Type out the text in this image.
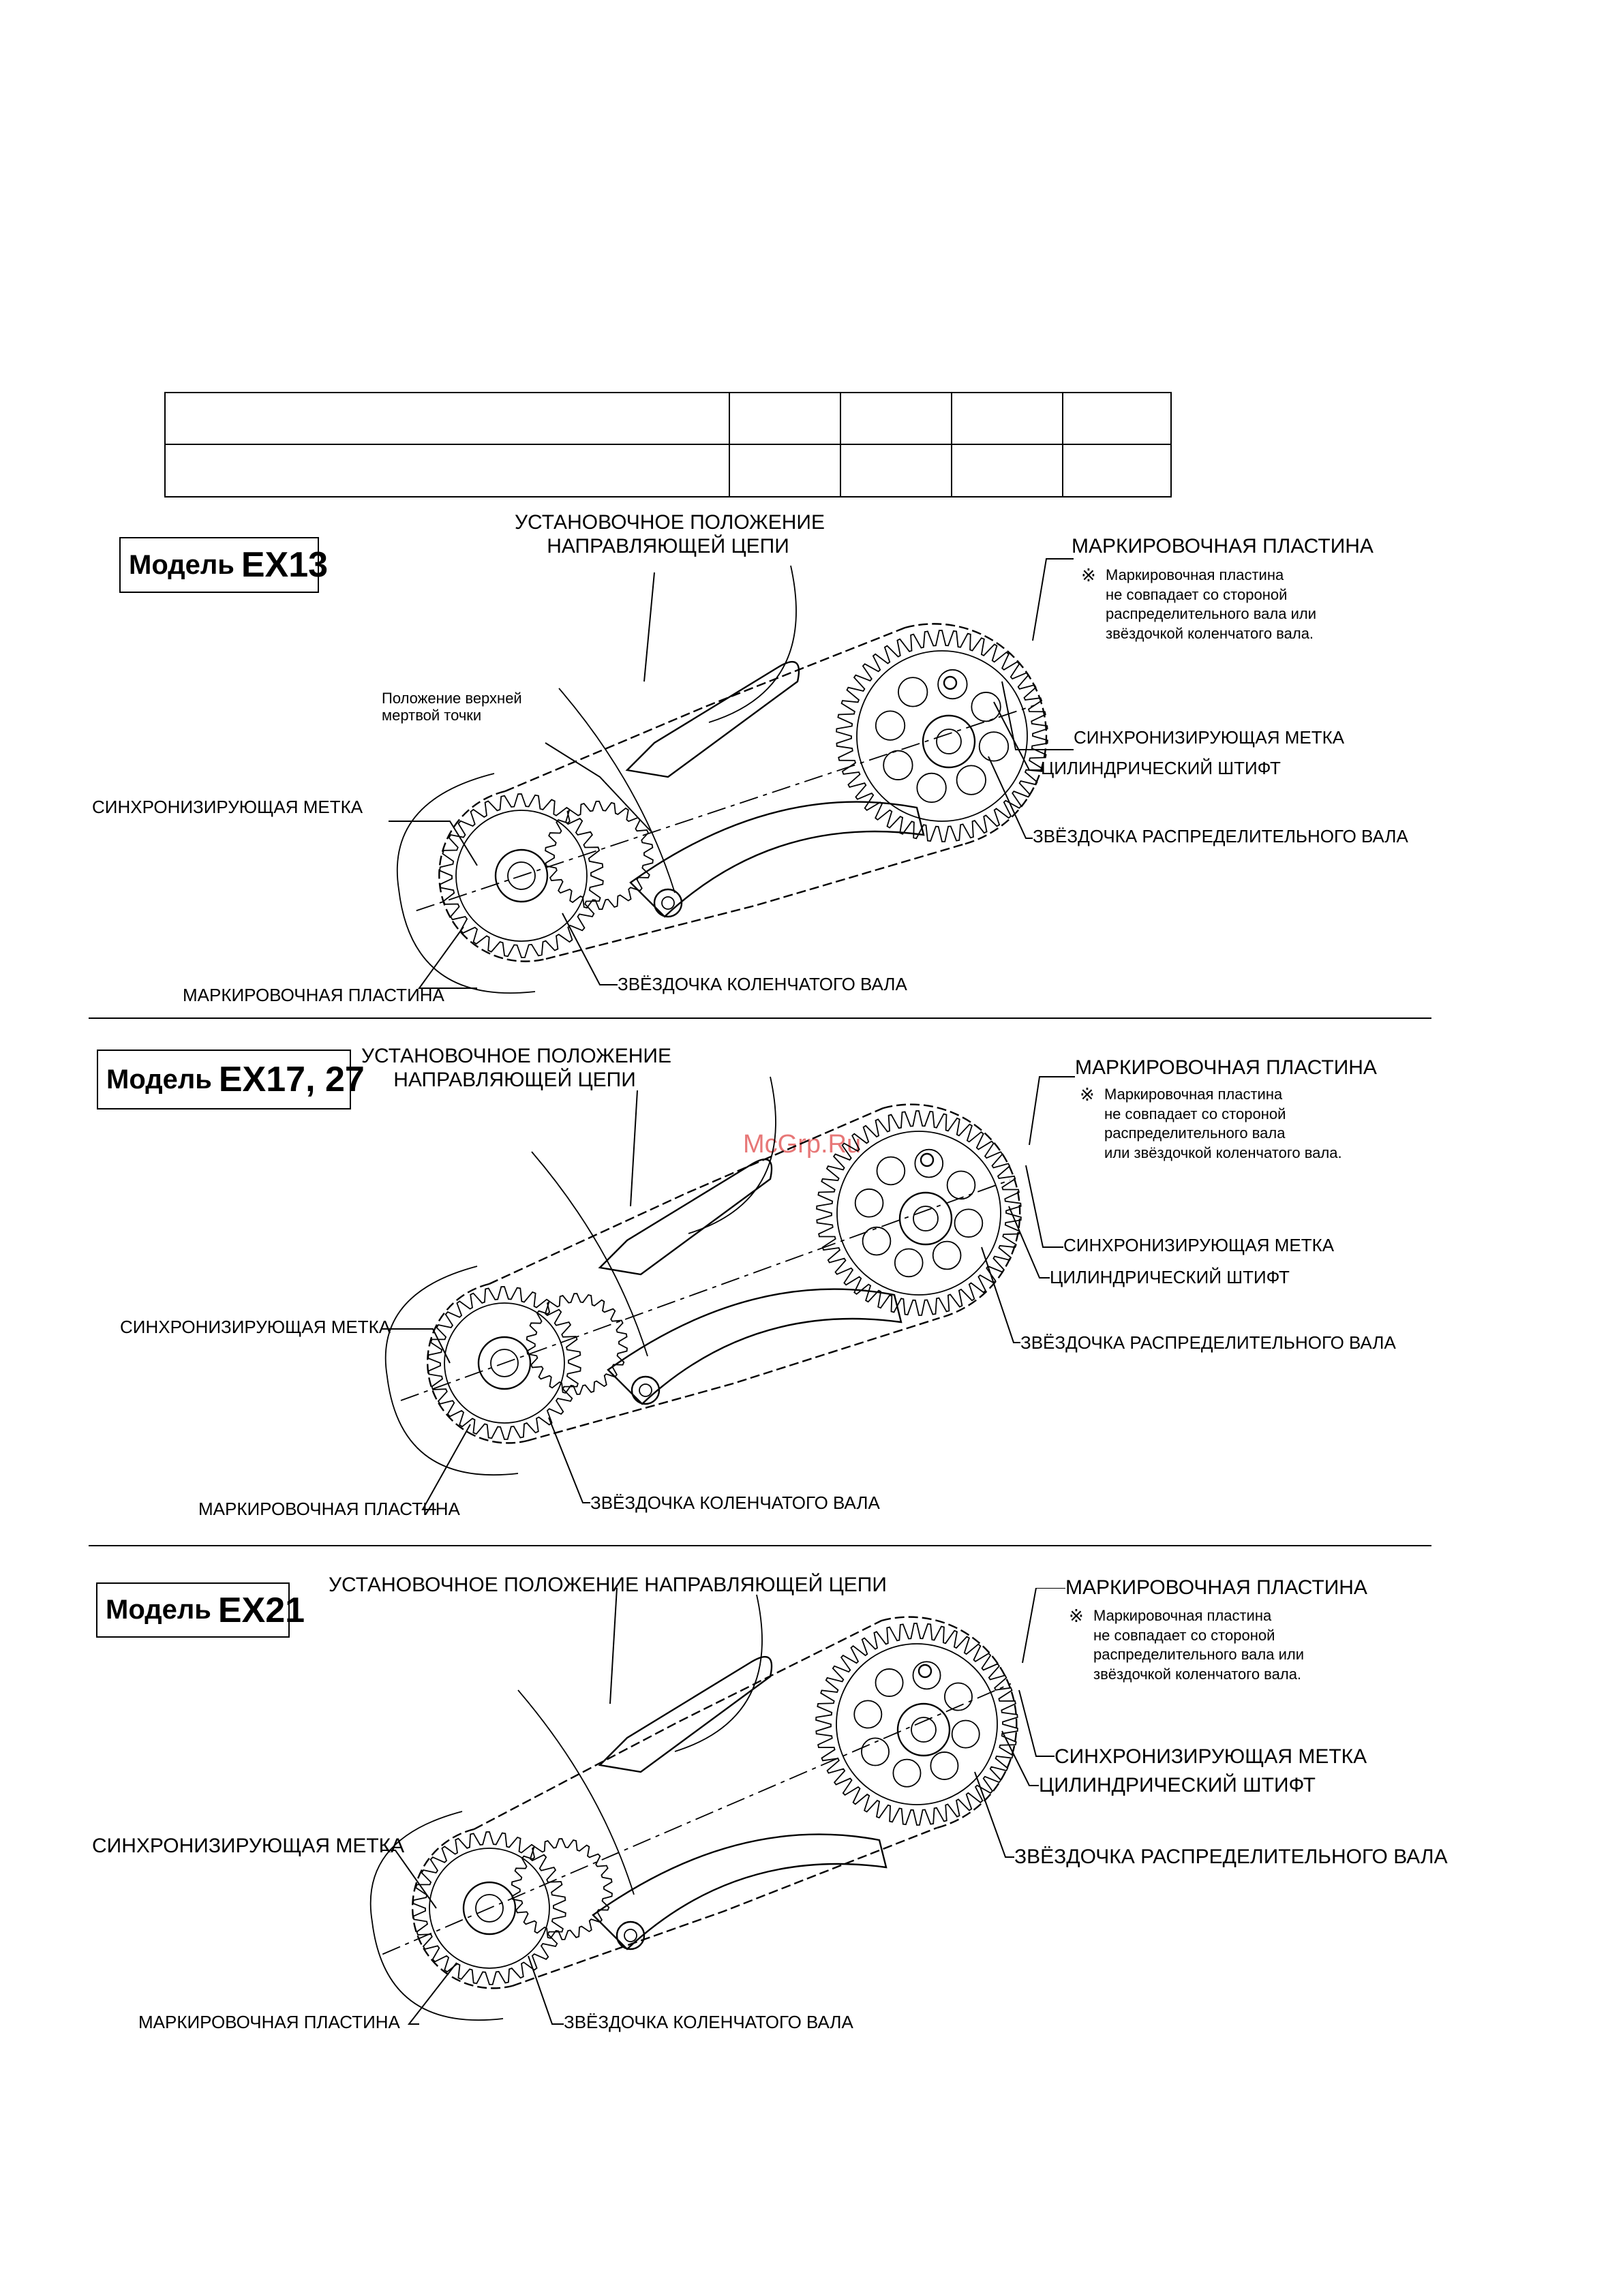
Модель EX13
УСТАНОВОЧНОЕ ПОЛОЖЕНИЕ
НАПРАВЛЯЮЩЕЙ ЦЕПИ
Положение верхней
мертвой точки
МАРКИРОВОЧНАЯ ПЛАСТИНА
※ Маркировочная пластина
не совпадает со стороной
распределительного вала или
звёздочкой коленчатого вала.
СИНХРОНИЗИРУЮЩАЯ МЕТКА
ЦИЛИНДРИЧЕСКИЙ ШТИФТ
ЗВЁЗДОЧКА РАСПРЕДЕЛИТЕЛЬНОГО ВАЛА
СИНХРОНИЗИРУЮЩАЯ МЕТКА
МАРКИРОВОЧНАЯ ПЛАСТИНА
ЗВЁЗДОЧКА КОЛЕНЧАТОГО ВАЛА
Модель EX17, 27
УСТАНОВОЧНОЕ ПОЛОЖЕНИЕ
НАПРАВЛЯЮЩЕЙ ЦЕПИ
МАРКИРОВОЧНАЯ ПЛАСТИНА
※ Маркировочная пластина
не совпадает со стороной
распределительного вала
или звёздочкой коленчатого вала.
СИНХРОНИЗИРУЮЩАЯ МЕТКА
ЦИЛИНДРИЧЕСКИЙ ШТИФТ
ЗВЁЗДОЧКА РАСПРЕДЕЛИТЕЛЬНОГО ВАЛА
СИНХРОНИЗИРУЮЩАЯ МЕТКА
МАРКИРОВОЧНАЯ ПЛАСТИНА	ЗВЁЗДОЧКА КОЛЕНЧАТОГО ВАЛА
Модель EX21
УСТАНОВОЧНОЕ ПОЛОЖЕНИЕ НАПРАВЛЯЮЩЕЙ ЦЕПИ	МАРКИРОВОЧНАЯ ПЛАСТИНА
※ Маркировочная пластина
не совпадает со стороной
распределительного вала или
звёздочкой коленчатого вала.
СИНХРОНИЗИРУЮЩАЯ МЕТКА
ЦИЛИНДРИЧЕСКИЙ ШТИФТ
ЗВЁЗДОЧКА РАСПРЕДЕЛИТЕЛЬНОГО ВАЛА
СИНХРОНИЗИРУЮЩАЯ МЕТКА
МАРКИРОВОЧНАЯ ПЛАСТИНА	ЗВЁЗДОЧКА КОЛЕНЧАТОГО ВАЛА
McGrp.Ru
